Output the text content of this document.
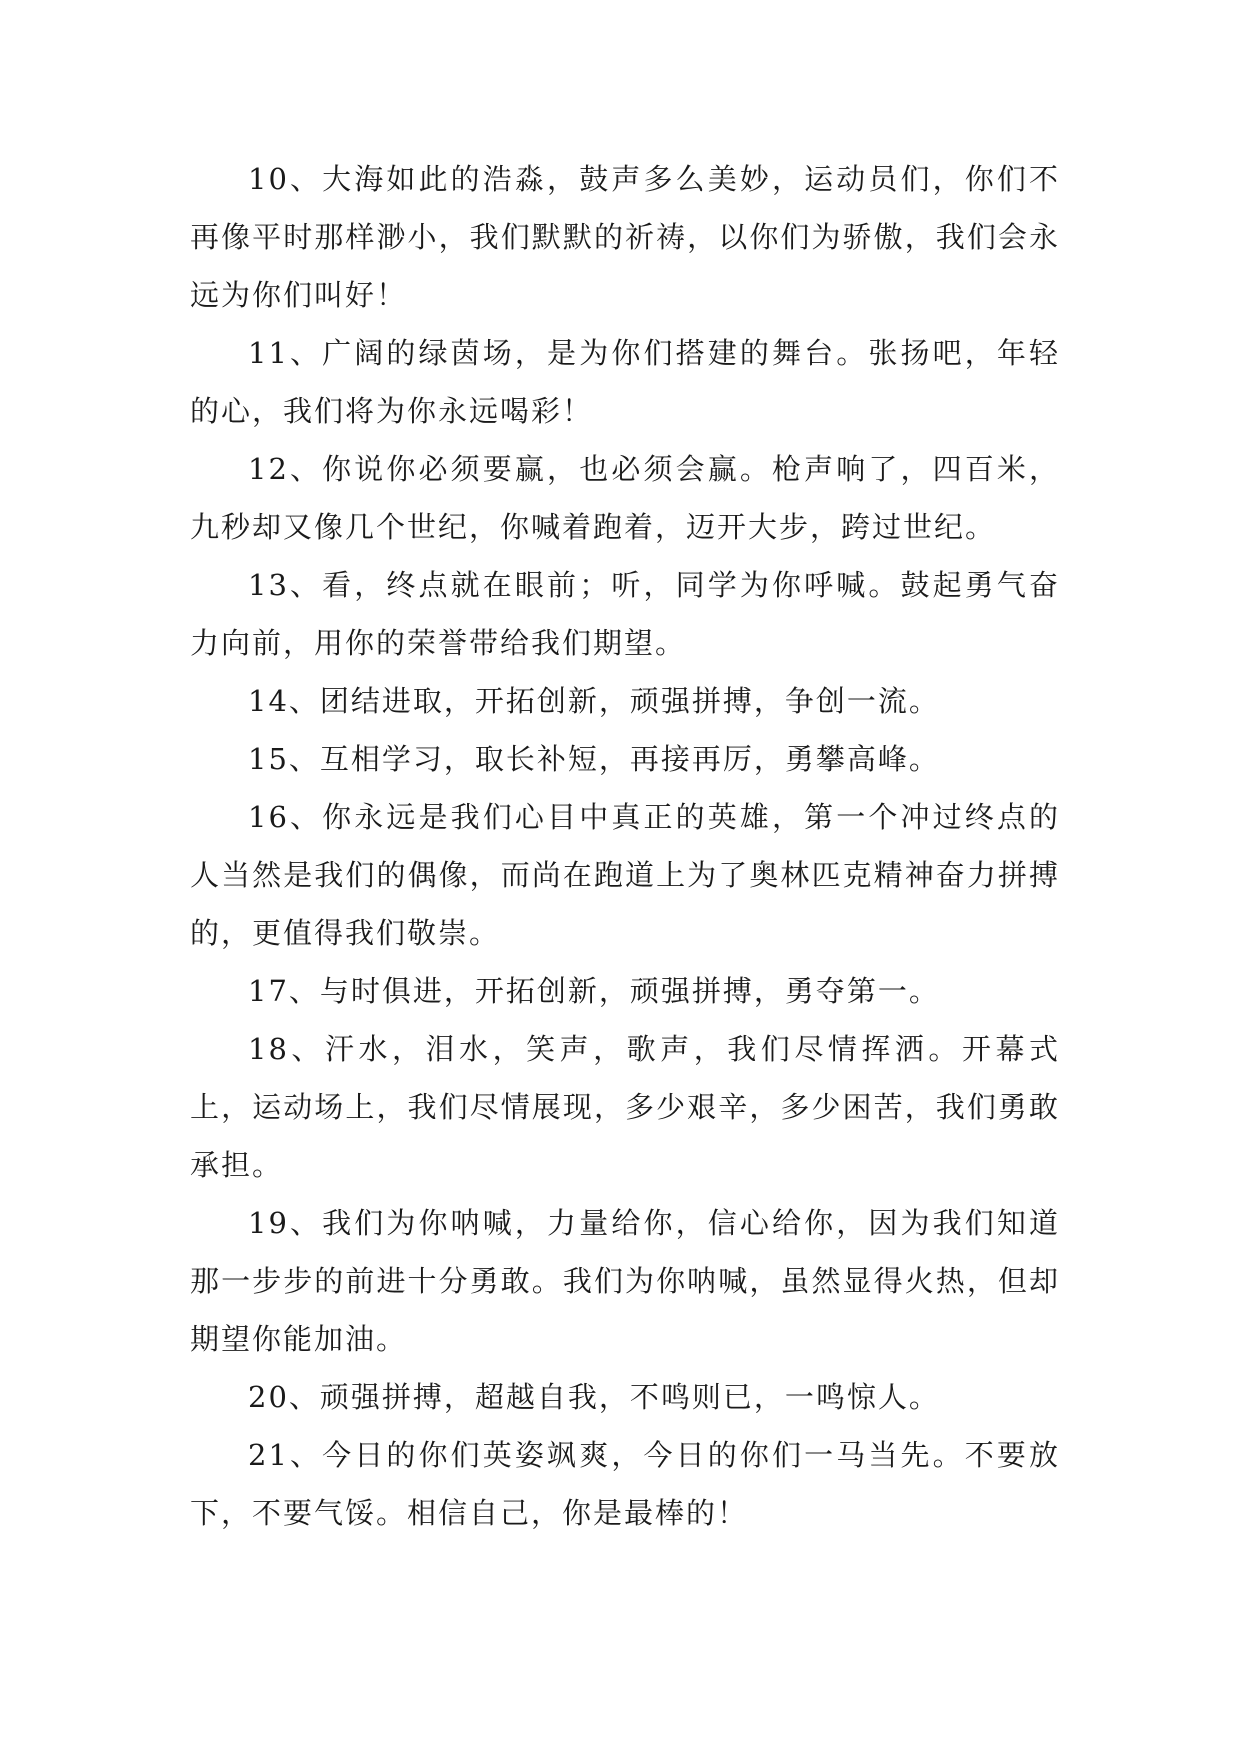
10、大海如此的浩淼，鼓声多么美妙，运动员们，你们不再像平时那样渺小，我们默默的祈祷，以你们为骄傲，我们会永远为你们叫好！

11、广阔的绿茵场，是为你们搭建的舞台。张扬吧，年轻的心，我们将为你永远喝彩！

12、你说你必须要赢，也必须会赢。枪声响了，四百米，九秒却又像几个世纪，你喊着跑着，迈开大步，跨过世纪。

13、看，终点就在眼前；听，同学为你呼喊。鼓起勇气奋力向前，用你的荣誉带给我们期望。

14、团结进取，开拓创新，顽强拼搏，争创一流。

15、互相学习，取长补短，再接再厉，勇攀高峰。

16、你永远是我们心目中真正的英雄，第一个冲过终点的人当然是我们的偶像，而尚在跑道上为了奥林匹克精神奋力拼搏的，更值得我们敬崇。

17、与时俱进，开拓创新，顽强拼搏，勇夺第一。

18、汗水，泪水，笑声，歌声，我们尽情挥洒。开幕式上，运动场上，我们尽情展现，多少艰辛，多少困苦，我们勇敢承担。

19、我们为你呐喊，力量给你，信心给你，因为我们知道那一步步的前进十分勇敢。我们为你呐喊，虽然显得火热，但却期望你能加油。

20、顽强拼搏，超越自我，不鸣则已，一鸣惊人。

21、今日的你们英姿飒爽，今日的你们一马当先。不要放下，不要气馁。相信自己，你是最棒的！
